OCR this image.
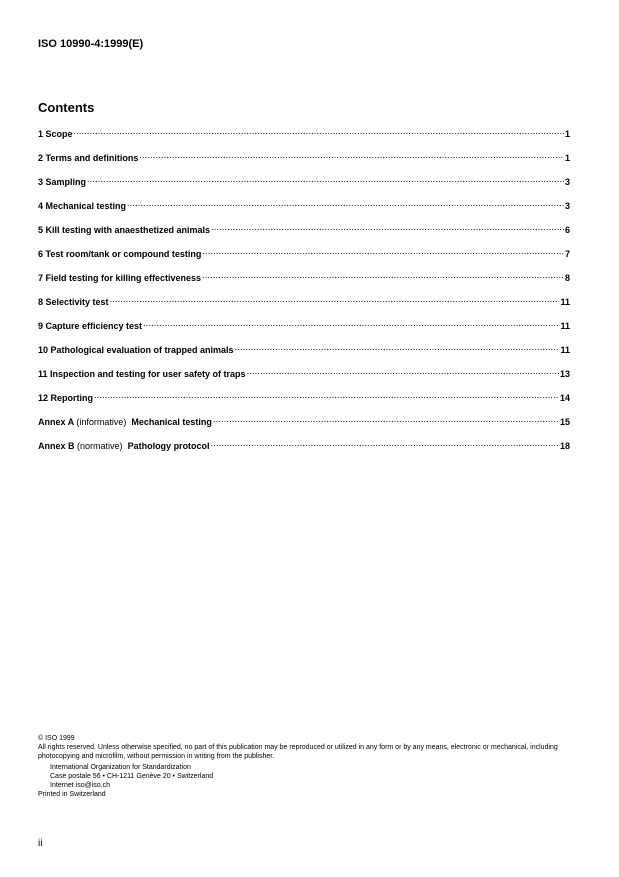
ISO 10990-4:1999(E)
Contents
1 Scope .....	1
2 Terms and definitions .....	1
3 Sampling .....	3
4 Mechanical testing .....	3
5 Kill testing with anaesthetized animals .....	6
6 Test room/tank or compound testing .....	7
7 Field testing for killing effectiveness .....	8
8 Selectivity test .....	11
9 Capture efficiency test .....	11
10 Pathological evaluation of trapped animals .....	11
11 Inspection and testing for user safety of traps .....	13
12 Reporting .....	14
Annex A (informative) Mechanical testing .....	15
Annex B (normative) Pathology protocol .....	18

© ISO 1999

All rights reserved. Unless otherwise specified, no part of this publication may be reproduced or utilized in any form or by any means, electronic or mechanical, including photocopying and microfilm, without permission in writing from the publisher.

International Organization for Standardization

Case postale 56 • CH-1211 Genève 20 • Switzerland

Internet iso@iso.ch

Printed in Switzerland

ii
